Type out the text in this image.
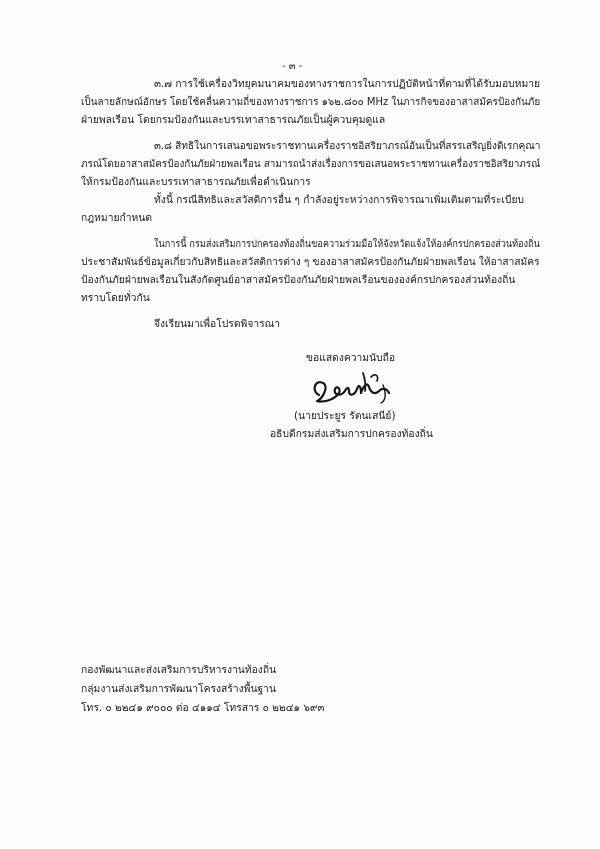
- ๓ -
๓.๗ การใช้เครื่องวิทยุคมนาคมของทางราชการในการปฏิบัติหน้าที่ตามที่ได้รับมอบหมาย
เป็นลายลักษณ์อักษร โดยใช้คลื่นความถี่ของทางราชการ ๑๖๒.๘๐๐ MHz ในภารกิจของอาสาสมัครป้องกันภัย
ฝ่ายพลเรือน โดยกรมป้องกันและบรรเทาสาธารณภัยเป็นผู้ควบคุมดูแล
๓.๘ สิทธิในการเสนอขอพระราชทานเครื่องราชอิสริยาภรณ์อันเป็นที่สรรเสริญยิ่งดิเรกคุณา
ภรณ์โดยอาสาสมัครป้องกันภัยฝ่ายพลเรือน สามารถนำส่งเรื่องการขอเสนอพระราชทานเครื่องราชอิสริยาภรณ์
ให้กรมป้องกันและบรรเทาสาธารณภัยเพื่อดำเนินการ
ทั้งนี้ กรณีสิทธิและสวัสดิการอื่น ๆ กำลังอยู่ระหว่างการพิจารณาเพิ่มเติมตามที่ระเบียบ
กฎหมายกำหนด
ในการนี้ กรมส่งเสริมการปกครองท้องถิ่นขอความร่วมมือให้จังหวัดแจ้งให้องค์กรปกครองส่วนท้องถิ่น
ประชาสัมพันธ์ข้อมูลเกี่ยวกับสิทธิและสวัสดิการต่าง ๆ ของอาสาสมัครป้องกันภัยฝ่ายพลเรือน ให้อาสาสมัคร
ป้องกันภัยฝ่ายพลเรือนในสังกัดศูนย์อาสาสมัครป้องกันภัยฝ่ายพลเรือนขององค์กรปกครองส่วนท้องถิ่น
ทราบโดยทั่วกัน
จึงเรียนมาเพื่อโปรดพิจารณา
ขอแสดงความนับถือ
(นายประยูร รัตนเสนีย์)
อธิบดีกรมส่งเสริมการปกครองท้องถิ่น
กองพัฒนาและส่งเสริมการบริหารงานท้องถิ่น
กลุ่มงานส่งเสริมการพัฒนาโครงสร้างพื้นฐาน
โทร. ๐ ๒๒๔๑ ๙๐๐๐ ต่อ ๔๑๑๔ โทรสาร ๐ ๒๒๔๑ ๖๙๓
